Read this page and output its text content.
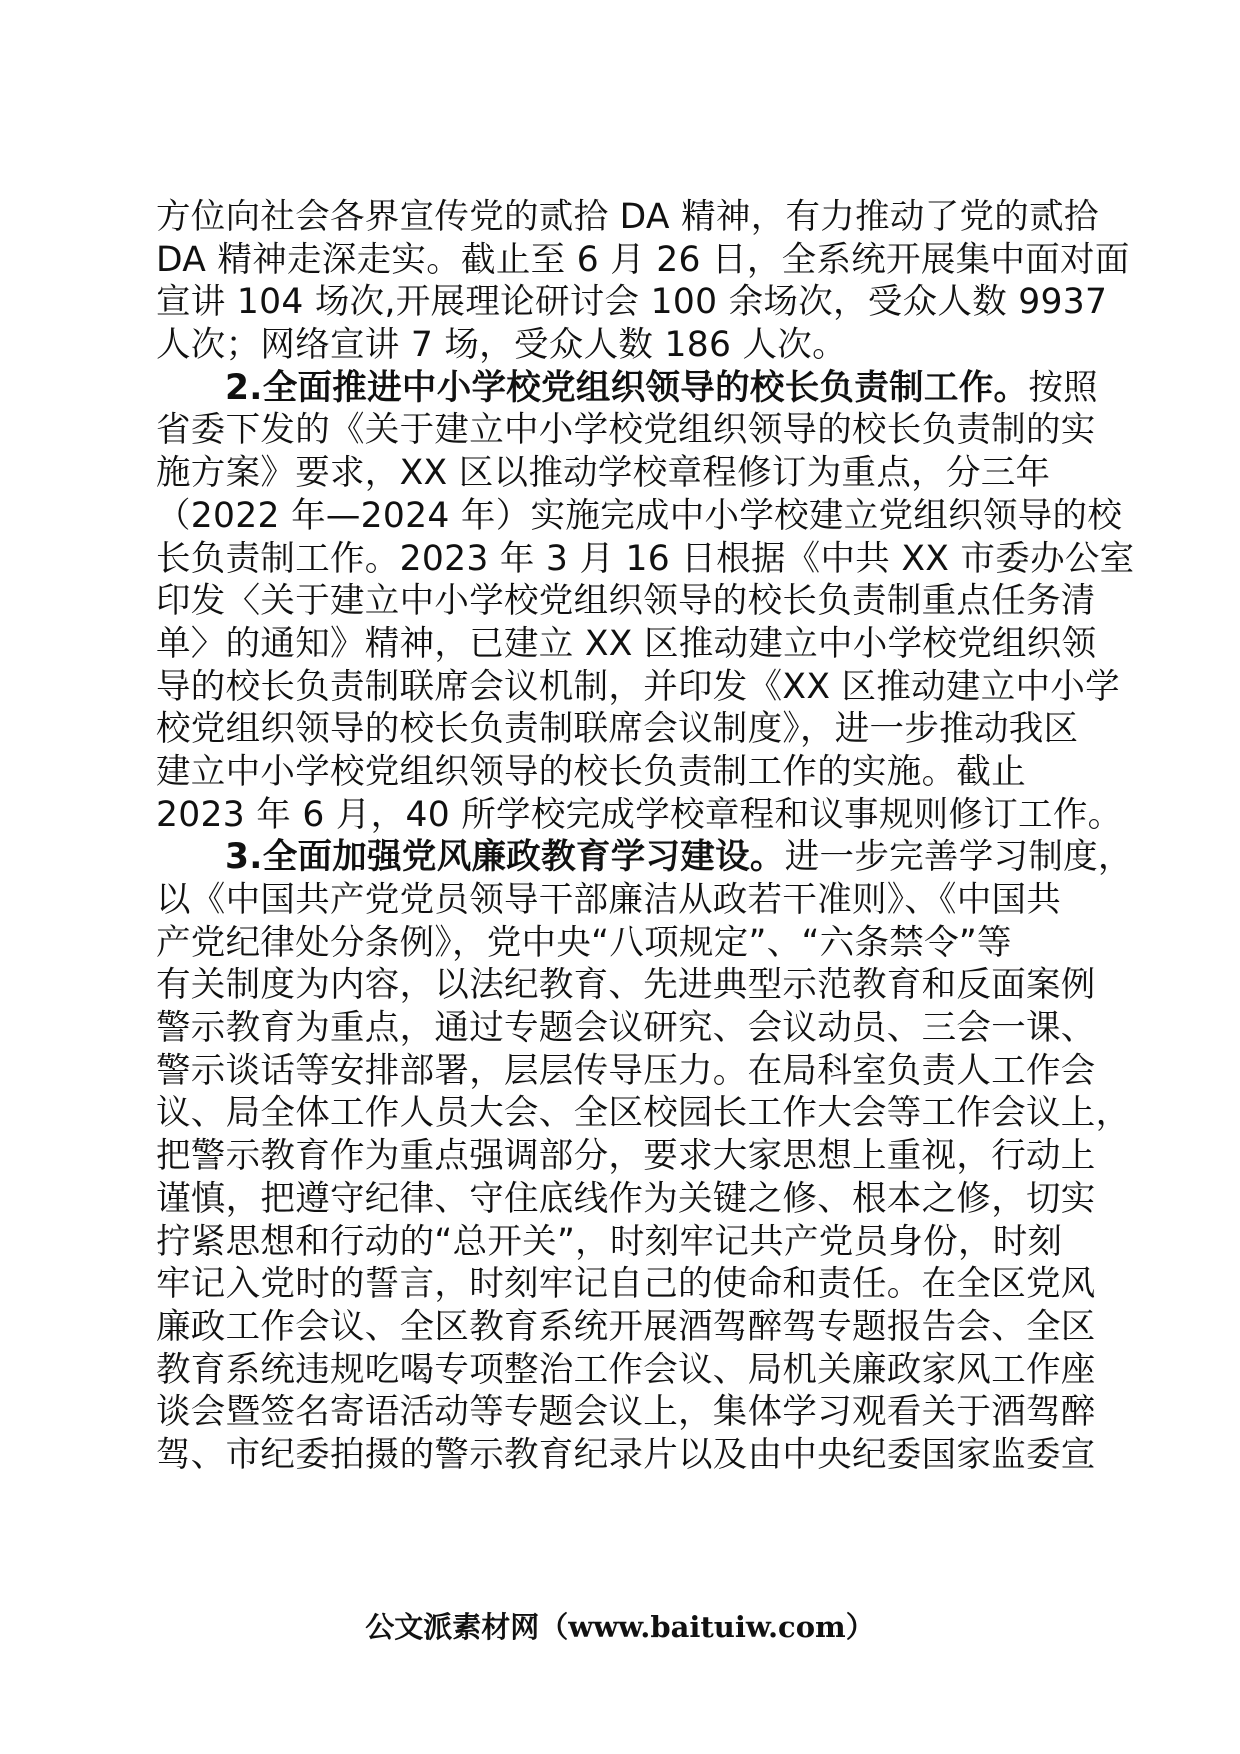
方位向社会各界宣传党的贰拾 DA 精神，有力推动了党的贰拾
DA 精神走深走实。截止至 6 月 26 日，全系统开展集中面对面
宣讲 104 场次,开展理论研讨会 100 余场次，受众人数 9937
人次；网络宣讲 7 场，受众人数 186 人次。
2.全面推进中小学校党组织领导的校长负责制工作。按照
省委下发的《关于建立中小学校党组织领导的校长负责制的实
施方案》要求，XX 区以推动学校章程修订为重点，分三年
（2022 年—2024 年）实施完成中小学校建立党组织领导的校
长负责制工作。2023 年 3 月 16 日根据《中共 XX 市委办公室
印发〈关于建立中小学校党组织领导的校长负责制重点任务清
单〉的通知》精神，已建立 XX 区推动建立中小学校党组织领
导的校长负责制联席会议机制，并印发《XX 区推动建立中小学
校党组织领导的校长负责制联席会议制度》，进一步推动我区
建立中小学校党组织领导的校长负责制工作的实施。截止
2023 年 6 月，40 所学校完成学校章程和议事规则修订工作。
3.全面加强党风廉政教育学习建设。进一步完善学习制度，
以《中国共产党党员领导干部廉洁从政若干准则》、《中国共
产党纪律处分条例》，党中央“八项规定”、“六条禁令”等
有关制度为内容，以法纪教育、先进典型示范教育和反面案例
警示教育为重点，通过专题会议研究、会议动员、三会一课、
警示谈话等安排部署，层层传导压力。在局科室负责人工作会
议、局全体工作人员大会、全区校园长工作大会等工作会议上，
把警示教育作为重点强调部分，要求大家思想上重视，行动上
谨慎，把遵守纪律、守住底线作为关键之修、根本之修，切实
拧紧思想和行动的“总开关”，时刻牢记共产党员身份，时刻
牢记入党时的誓言，时刻牢记自己的使命和责任。在全区党风
廉政工作会议、全区教育系统开展酒驾醉驾专题报告会、全区
教育系统违规吃喝专项整治工作会议、局机关廉政家风工作座
谈会暨签名寄语活动等专题会议上，集体学习观看关于酒驾醉
驾、市纪委拍摄的警示教育纪录片以及由中央纪委国家监委宣
公文派素材网（www.baituiw.com）
